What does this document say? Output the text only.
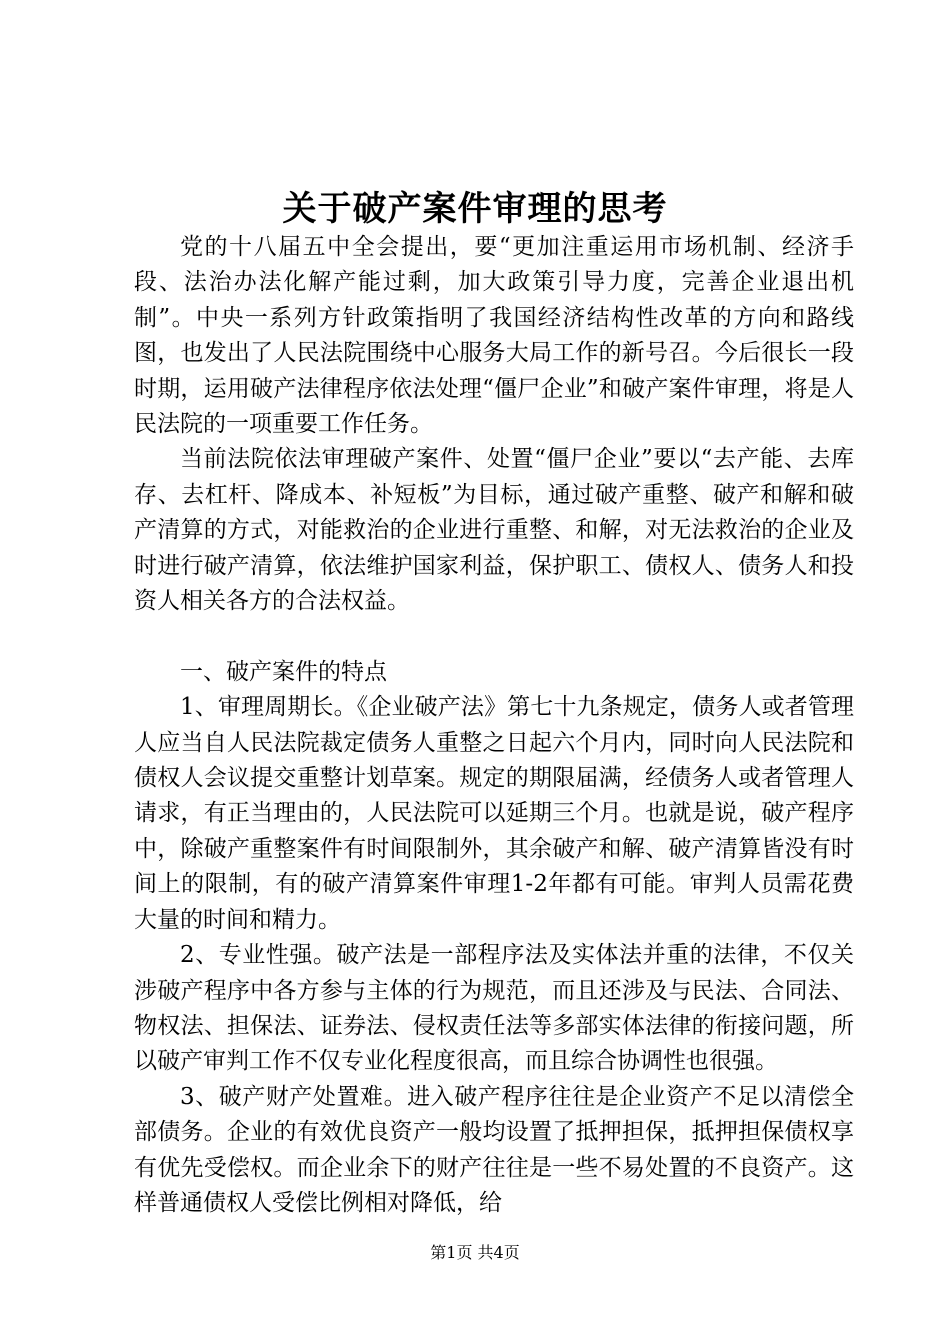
关于破产案件审理的思考

党的十八届五中全会提出，要“更加注重运用市场机制、经济手段、法治办法化解产能过剩，加大政策引导力度，完善企业退出机制”。中央一系列方针政策指明了我国经济结构性改革的方向和路线图，也发出了人民法院围绕中心服务大局工作的新号召。今后很长一段时期，运用破产法律程序依法处理“僵尸企业”和破产案件审理，将是人民法院的一项重要工作任务。

当前法院依法审理破产案件、处置“僵尸企业”要以“去产能、去库存、去杠杆、降成本、补短板”为目标，通过破产重整、破产和解和破产清算的方式，对能救治的企业进行重整、和解，对无法救治的企业及时进行破产清算，依法维护国家利益，保护职工、债权人、债务人和投资人相关各方的合法权益。

一、破产案件的特点

1、审理周期长。《企业破产法》第七十九条规定，债务人或者管理人应当自人民法院裁定债务人重整之日起六个月内，同时向人民法院和债权人会议提交重整计划草案。规定的期限届满，经债务人或者管理人请求，有正当理由的，人民法院可以延期三个月。也就是说，破产程序中，除破产重整案件有时间限制外，其余破产和解、破产清算皆没有时间上的限制，有的破产清算案件审理1-2年都有可能。审判人员需花费大量的时间和精力。

2、专业性强。破产法是一部程序法及实体法并重的法律，不仅关涉破产程序中各方参与主体的行为规范，而且还涉及与民法、合同法、物权法、担保法、证券法、侵权责任法等多部实体法律的衔接问题，所以破产审判工作不仅专业化程度很高，而且综合协调性也很强。

3、破产财产处置难。进入破产程序往往是企业资产不足以清偿全部债务。企业的有效优良资产一般均设置了抵押担保，抵押担保债权享有优先受偿权。而企业余下的财产往往是一些不易处置的不良资产。这样普通债权人受偿比例相对降低，给

第1页 共4页
